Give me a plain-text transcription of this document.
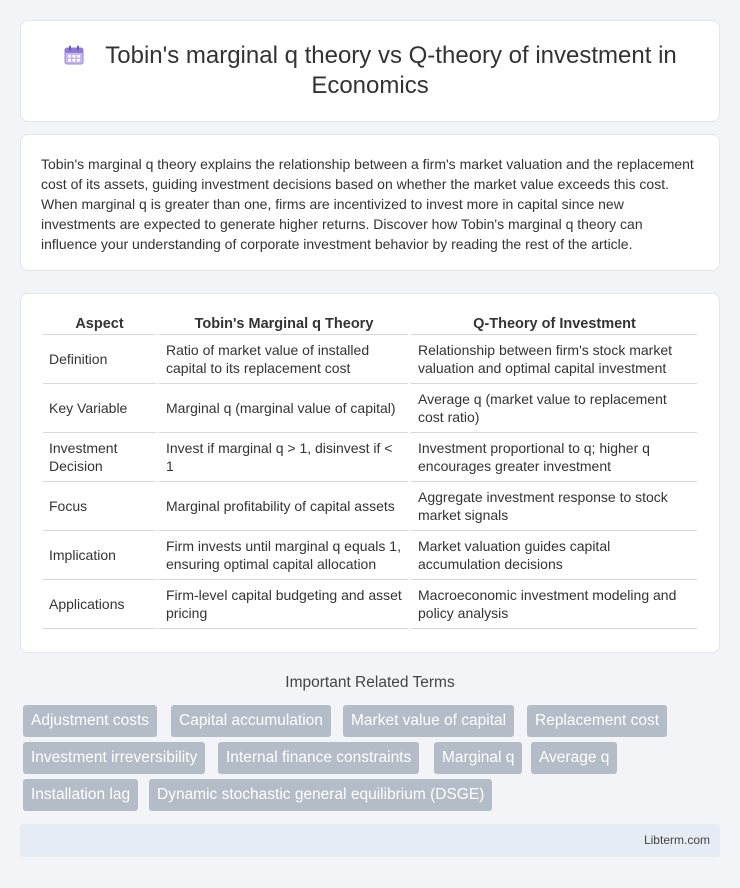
Tobin's marginal q theory vs Q-theory of investment in Economics

Tobin's marginal q theory explains the relationship between a firm's market valuation and the replacement cost of its assets, guiding investment decisions based on whether the market value exceeds this cost. When marginal q is greater than one, firms are incentivized to invest more in capital since new investments are expected to generate higher returns. Discover how Tobin's marginal q theory can influence your understanding of corporate investment behavior by reading the rest of the article.

Aspect	Tobin's Marginal q Theory	Q-Theory of Investment
Definition	Ratio of market value of installed capital to its replacement cost	Relationship between firm's stock market valuation and optimal capital investment
Key Variable	Marginal q (marginal value of capital)	Average q (market value to replacement cost ratio)
Investment Decision	Invest if marginal q > 1, disinvest if < 1	Investment proportional to q; higher q encourages greater investment
Focus	Marginal profitability of capital assets	Aggregate investment response to stock market signals
Implication	Firm invests until marginal q equals 1, ensuring optimal capital allocation	Market valuation guides capital accumulation decisions
Applications	Firm-level capital budgeting and asset pricing	Macroeconomic investment modeling and policy analysis
Important Related Terms
Adjustment costs	Capital accumulation	Market value of capital	Replacement cost
Investment irreversibility	Internal finance constraints	Marginal q	Average q
Installation lag	Dynamic stochastic general equilibrium (DSGE)
Libterm.com
